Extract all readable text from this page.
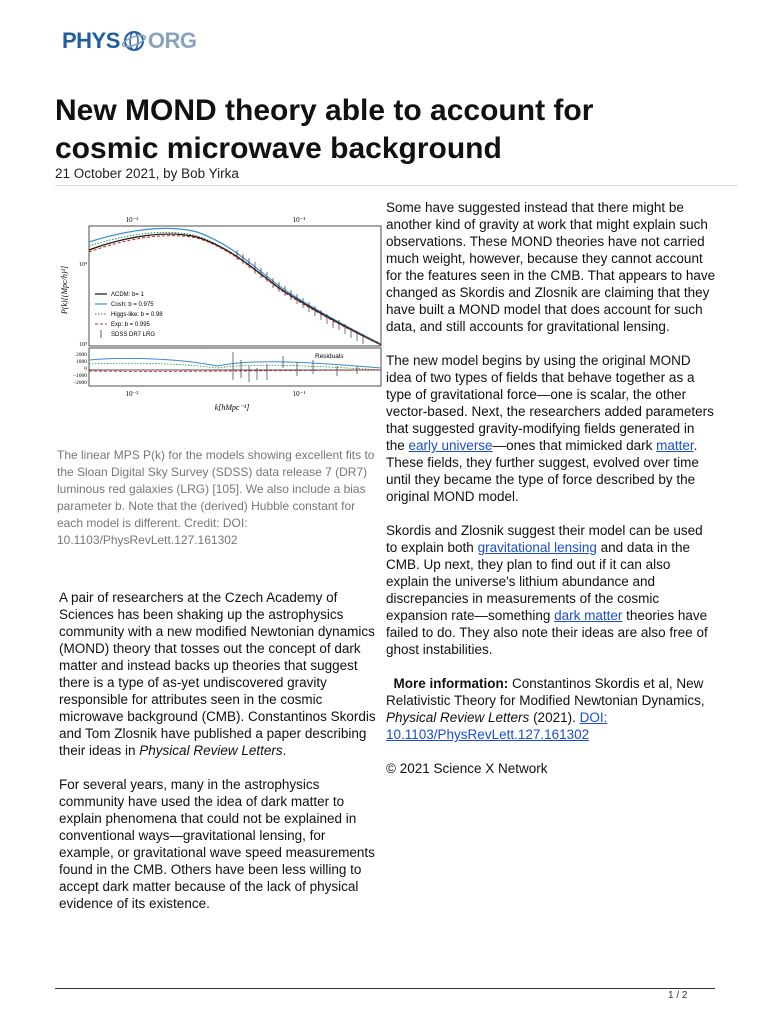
PHYS ORG
New MOND theory able to account for cosmic microwave background
21 October 2021, by Bob Yirka
10⁻²	10⁻¹
P(k)[(Mpc/h)³]
10⁴
10³
ΛCDM: b= 1
Cosh: b = 0.975
Higgs-like: b = 0.98
Exp: b = 0.995
SDSS DR7 LRG
Residuals
2000
1000
0
−1000
−2000
10⁻²	10⁻¹
k[hMpc⁻¹]
The linear MPS P(k) for the models showing excellent fits to the Sloan Digital Sky Survey (SDSS) data release 7 (DR7) luminous red galaxies (LRG) [105]. We also include a bias parameter b. Note that the (derived) Hubble constant for each model is different. Credit: DOI: 10.1103/PhysRevLett.127.161302

A pair of researchers at the Czech Academy of Sciences has been shaking up the astrophysics community with a new modified Newtonian dynamics (MOND) theory that tosses out the concept of dark matter and instead backs up theories that suggest there is a type of as-yet undiscovered gravity responsible for attributes seen in the cosmic microwave background (CMB). Constantinos Skordis and Tom Zlosnik have published a paper describing their ideas in Physical Review Letters.

For several years, many in the astrophysics community have used the idea of dark matter to explain phenomena that could not be explained in conventional ways—gravitational lensing, for example, or gravitational wave speed measurements found in the CMB. Others have been less willing to accept dark matter because of the lack of physical evidence of its existence.

Some have suggested instead that there might be another kind of gravity at work that might explain such observations. These MOND theories have not carried much weight, however, because they cannot account for the features seen in the CMB. That appears to have changed as Skordis and Zlosnik are claiming that they have built a MOND model that does account for such data, and still accounts for gravitational lensing.

The new model begins by using the original MOND idea of two types of fields that behave together as a type of gravitational force—one is scalar, the other vector-based. Next, the researchers added parameters that suggested gravity-modifying fields generated in the early universe—ones that mimicked dark matter. These fields, they further suggest, evolved over time until they became the type of force described by the original MOND model.

Skordis and Zlosnik suggest their model can be used to explain both gravitational lensing and data in the CMB. Up next, they plan to find out if it can also explain the universe's lithium abundance and discrepancies in measurements of the cosmic expansion rate—something dark matter theories have failed to do. They also note their ideas are also free of ghost instabilities.

More information: Constantinos Skordis et al, New Relativistic Theory for Modified Newtonian Dynamics, Physical Review Letters (2021). DOI: 10.1103/PhysRevLett.127.161302

© 2021 Science X Network

1 / 2
